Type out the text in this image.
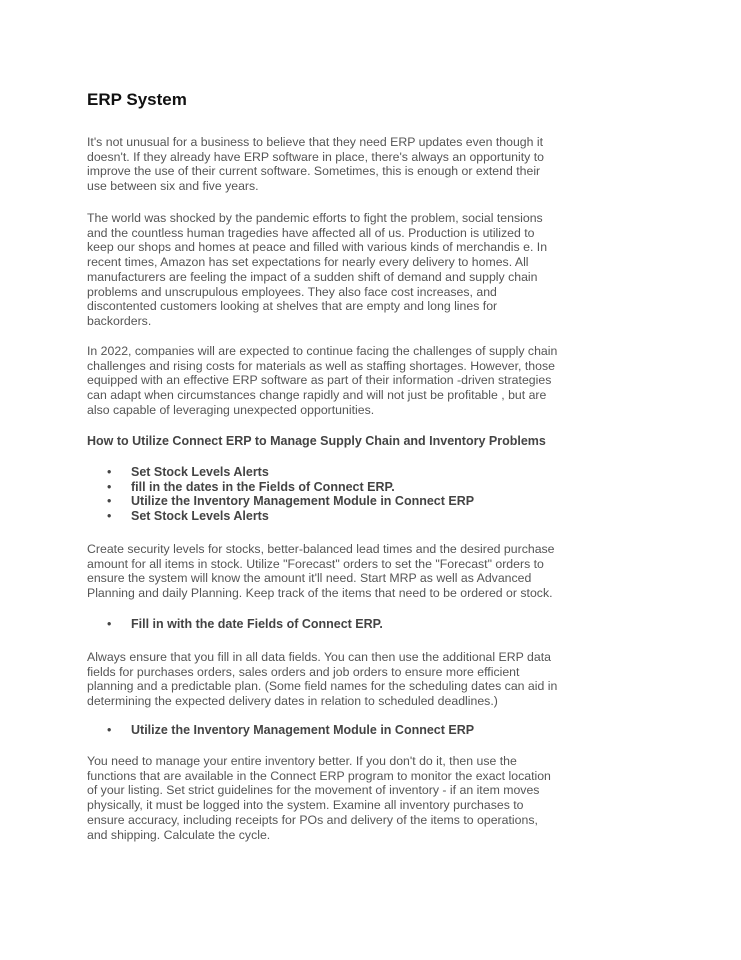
ERP System

It's not unusual for a business to believe that they need ERP updates even though it
doesn't. If they already have ERP software in place, there's always an opportunity to
improve the use of their current software. Sometimes, this is enough or extend their
use between six and five years.

The world was shocked by the pandemic efforts to fight the problem, social tensions
and the countless human tragedies have affected all of us. Production is utilized to
keep our shops and homes at peace and filled with various kinds of merchandis e. In
recent times, Amazon has set expectations for nearly every delivery to homes. All
manufacturers are feeling the impact of a sudden shift of demand and supply chain
problems and unscrupulous employees. They also face cost increases, and
discontented customers looking at shelves that are empty and long lines for
backorders.

In 2022, companies will are expected to continue facing the challenges of supply chain
challenges and rising costs for materials as well as staffing shortages. However, those
equipped with an effective ERP software as part of their information -driven strategies
can adapt when circumstances change rapidly and will not just be profitable , but are
also capable of leveraging unexpected opportunities.

How to Utilize Connect ERP to Manage Supply Chain and Inventory Problems
• Set Stock Levels Alerts
• fill in the dates in the Fields of Connect ERP.
• Utilize the Inventory Management Module in Connect ERP
• Set Stock Levels Alerts

Create security levels for stocks, better-balanced lead times and the desired purchase
amount for all items in stock. Utilize "Forecast" orders to set the "Forecast" orders to
ensure the system will know the amount it'll need. Start MRP as well as Advanced
Planning and daily Planning. Keep track of the items that need to be ordered or stock.

• Fill in with the date Fields of Connect ERP.

Always ensure that you fill in all data fields. You can then use the additional ERP data
fields for purchases orders, sales orders and job orders to ensure more efficient
planning and a predictable plan. (Some field names for the scheduling dates can aid in
determining the expected delivery dates in relation to scheduled deadlines.)

• Utilize the Inventory Management Module in Connect ERP

You need to manage your entire inventory better. If you don't do it, then use the
functions that are available in the Connect ERP program to monitor the exact location
of your listing. Set strict guidelines for the movement of inventory - if an item moves
physically, it must be logged into the system. Examine all inventory purchases to
ensure accuracy, including receipts for POs and delivery of the items to operations,
and shipping. Calculate the cycle.
